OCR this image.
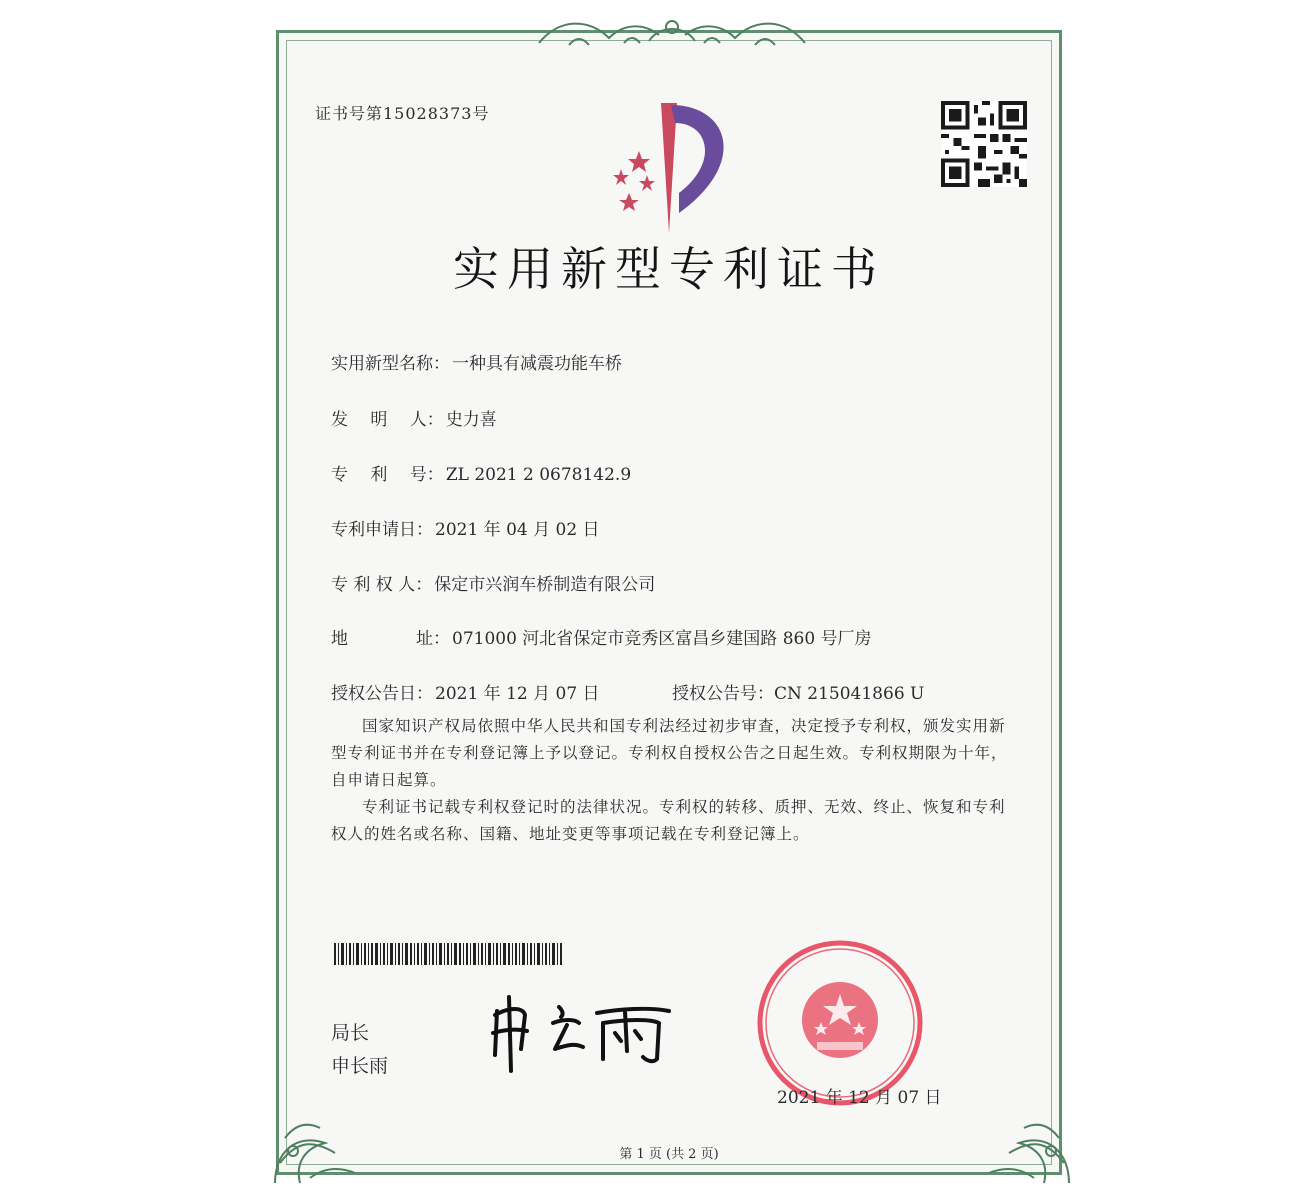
证书号第15028373号
实用新型专利证书
实用新型名称： 一种具有减震功能车桥
发　 明　 人： 史力喜
专　 利　 号： ZL 2021 2 0678142.9
专利申请日： 2021 年 04 月 02 日
专 利 权 人： 保定市兴润车桥制造有限公司
地　　　　址： 071000 河北省保定市竞秀区富昌乡建国路 860 号厂房
授权公告日： 2021 年 12 月 07 日	授权公告号：CN 215041866 U
国家知识产权局依照中华人民共和国专利法经过初步审查，决定授予专利权，颁发实用新型专利证书并在专利登记簿上予以登记。专利权自授权公告之日起生效。专利权期限为十年，自申请日起算。
专利证书记载专利权登记时的法律状况。专利权的转移、质押、无效、终止、恢复和专利权人的姓名或名称、国籍、地址变更等事项记载在专利登记簿上。
局长
申长雨
2021 年 12 月 07 日
第 1 页 (共 2 页)
